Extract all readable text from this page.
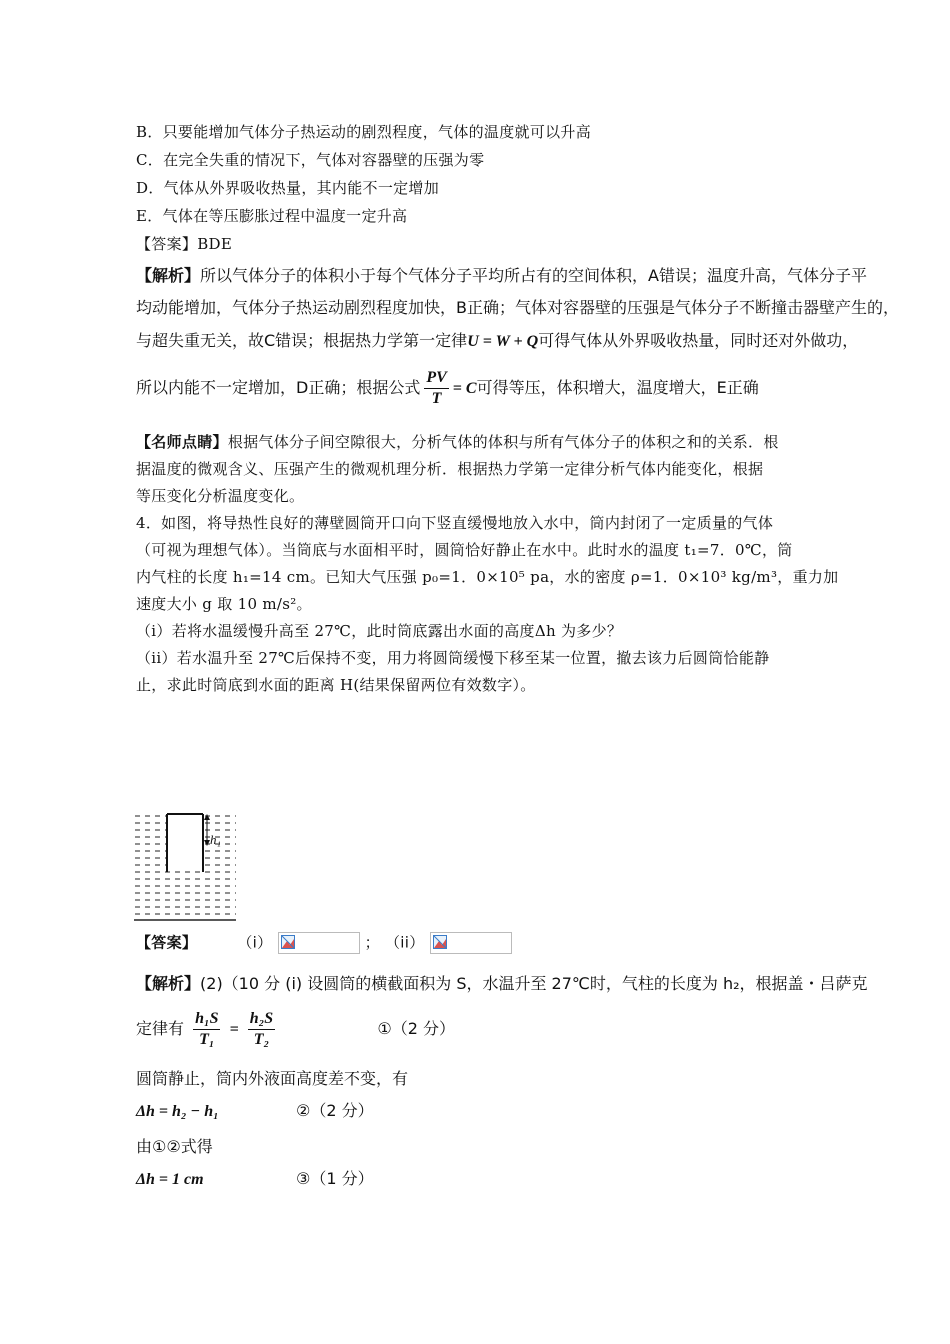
B．只要能增加气体分子热运动的剧烈程度，气体的温度就可以升高
C．在完全失重的情况下，气体对容器壁的压强为零
D．气体从外界吸收热量，其内能不一定增加
E．气体在等压膨胀过程中温度一定升高
【答案】BDE
【解析】所以气体分子的体积小于每个气体分子平均所占有的空间体积，A错误；温度升高，气体分子平
均动能增加，气体分子热运动剧烈程度加快，B正确；气体对容器壁的压强是气体分子不断撞击器壁产生的，
与超失重无关，故C错误；根据热力学第一定律U = W + Q可得气体从外界吸收热量，同时还对外做功，
所以内能不一定增加，D正确；根据公式 $\frac{PV}{T} = C$可得等压，体积增大，温度增大，E正确
【名师点睛】根据气体分子间空隙很大，分析气体的体积与所有气体分子的体积之和的关系．根
据温度的微观含义、压强产生的微观机理分析．根据热力学第一定律分析气体内能变化，根据
等压变化分析温度变化。
4．如图，将导热性良好的薄壁圆筒开口向下竖直缓慢地放入水中，筒内封闭了一定质量的气体
（可视为理想气体）。当筒底与水面相平时，圆筒恰好静止在水中。此时水的温度 t₁=7．0℃，筒
内气柱的长度 h₁=14 cm。已知大气压强 p₀=1．0×10⁵ pa，水的密度 ρ=1．0×10³ kg/m³，重力加
速度大小 g 取 10 m/s²。
（i）若将水温缓慢升高至 27℃，此时筒底露出水面的高度Δh 为多少？
（ii）若水温升至 27℃后保持不变，用力将圆筒缓慢下移至某一位置，撤去该力后圆筒恰能静
止，求此时筒底到水面的距离 H(结果保留两位有效数字）。
h₁
【答案】	（i）	； （ii）
【解析】(2)（10 分 (i) 设圆筒的横截面积为 S，水温升至 27℃时，气柱的长度为 h₂，根据盖・吕萨克
定律有 $\frac{\text{h₁S}}{\text{T₁}} = \frac{\text{h₂S}}{\text{T₂}}$	①（2 分）
圆筒静止，筒内外液面高度差不变，有
Δh = h₂ − h₁	②（2 分）
由①②式得
Δh = 1 cm	③（1 分）
